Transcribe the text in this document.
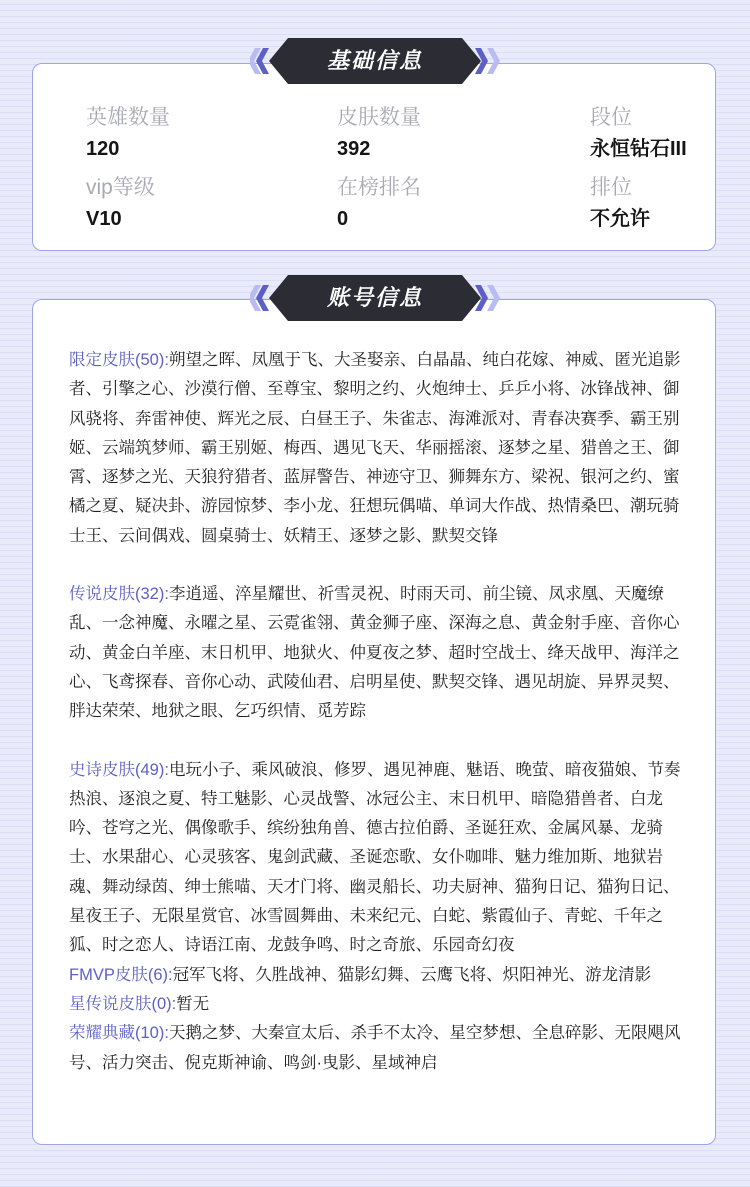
英雄数量
120
皮肤数量
392
段位
永恒钻石III
vip等级
V10
在榜排名
0
排位
不允许
基础信息
限定皮肤(50):朔望之晖、凤凰于飞、大圣娶亲、白晶晶、纯白花嫁、神威、匿光追影者、引擎之心、沙漠行僧、至尊宝、黎明之约、火炮绅士、乒乒小将、冰锋战神、御风骁将、奔雷神使、辉光之辰、白昼王子、朱雀志、海滩派对、青春决赛季、霸王别姬、云端筑梦师、霸王别姬、梅西、遇见飞天、华丽摇滚、逐梦之星、猎兽之王、御霄、逐梦之光、天狼狩猎者、蓝屏警告、神迹守卫、狮舞东方、梁祝、银河之约、蜜橘之夏、疑决卦、游园惊梦、李小龙、狂想玩偶喵、单词大作战、热情桑巴、潮玩骑士王、云间偶戏、圆桌骑士、妖精王、逐梦之影、默契交锋
传说皮肤(32):李逍遥、淬星耀世、祈雪灵祝、时雨天司、前尘镜、凤求凰、天魔缭乱、一念神魔、永曜之星、云霓雀翎、黄金狮子座、深海之息、黄金射手座、音你心动、黄金白羊座、末日机甲、地狱火、仲夏夜之梦、超时空战士、绛天战甲、海洋之心、飞鸢探春、音你心动、武陵仙君、启明星使、默契交锋、遇见胡旋、异界灵契、胖达荣荣、地狱之眼、乞巧织情、觅芳踪
史诗皮肤(49):电玩小子、乘风破浪、修罗、遇见神鹿、魅语、晚萤、暗夜猫娘、节奏热浪、逐浪之夏、特工魅影、心灵战警、冰冠公主、末日机甲、暗隐猎兽者、白龙吟、苍穹之光、偶像歌手、缤纷独角兽、德古拉伯爵、圣诞狂欢、金属风暴、龙骑士、水果甜心、心灵骇客、鬼剑武藏、圣诞恋歌、女仆咖啡、魅力维加斯、地狱岩魂、舞动绿茵、绅士熊喵、天才门将、幽灵船长、功夫厨神、猫狗日记、猫狗日记、星夜王子、无限星赏官、冰雪圆舞曲、未来纪元、白蛇、紫霞仙子、青蛇、千年之狐、时之恋人、诗语江南、龙鼓争鸣、时之奇旅、乐园奇幻夜
FMVP皮肤(6):冠军飞将、久胜战神、猫影幻舞、云鹰飞将、炽阳神光、游龙清影
星传说皮肤(0):暂无
荣耀典藏(10):天鹅之梦、大秦宣太后、杀手不太冷、星空梦想、全息碎影、无限飓风号、活力突击、倪克斯神谕、鸣剑·曳影、星域神启
账号信息
